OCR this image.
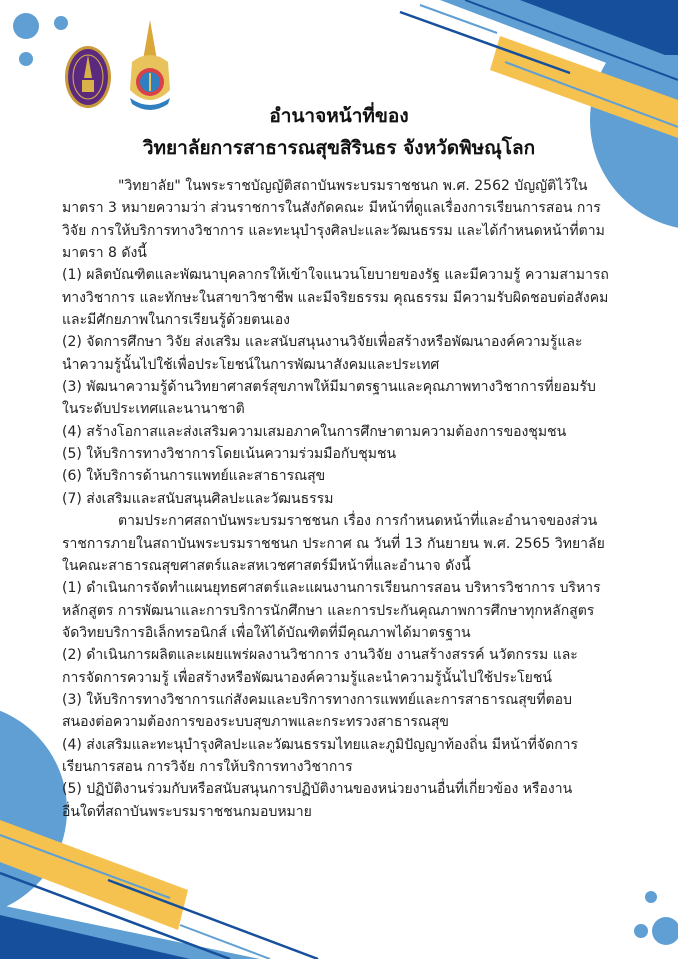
อำนาจหน้าที่ของ
วิทยาลัยการสาธารณสุขสิรินธร จังหวัดพิษณุโลก
"วิทยาลัย" ในพระราชบัญญัติสถาบันพระบรมราชชนก พ.ศ. 2562 บัญญัติไว้ใน
มาตรา 3 หมายความว่า ส่วนราชการในสังกัดคณะ มีหน้าที่ดูแลเรื่องการเรียนการสอน การ
วิจัย การให้บริการทางวิชาการ และทะนุบำรุงศิลปะและวัฒนธรรม และได้กำหนดหน้าที่ตาม
มาตรา 8 ดังนี้
(1) ผลิตบัณฑิตและพัฒนาบุคลากรให้เข้าใจแนวนโยบายของรัฐ และมีความรู้ ความสามารถ
ทางวิชาการ และทักษะในสาขาวิชาชีพ และมีจริยธรรม คุณธรรม มีความรับผิดชอบต่อสังคม
และมีศักยภาพในการเรียนรู้ด้วยตนเอง
(2) จัดการศึกษา วิจัย ส่งเสริม และสนับสนุนงานวิจัยเพื่อสร้างหรือพัฒนาองค์ความรู้และ
นำความรู้นั้นไปใช้เพื่อประโยชน์ในการพัฒนาสังคมและประเทศ
(3) พัฒนาความรู้ด้านวิทยาศาสตร์สุขภาพให้มีมาตรฐานและคุณภาพทางวิชาการที่ยอมรับ
ในระดับประเทศและนานาชาติ
(4) สร้างโอกาสและส่งเสริมความเสมอภาคในการศึกษาตามความต้องการของชุมชน
(5) ให้บริการทางวิชาการโดยเน้นความร่วมมือกับชุมชน
(6) ให้บริการด้านการแพทย์และสาธารณสุข
(7) ส่งเสริมและสนับสนุนศิลปะและวัฒนธรรม
ตามประกาศสถาบันพระบรมราชชนก เรื่อง การกำหนดหน้าที่และอำนาจของส่วน
ราชการภายในสถาบันพระบรมราชชนก ประกาศ ณ วันที่ 13 กันยายน พ.ศ. 2565 วิทยาลัย
ในคณะสาธารณสุขศาสตร์และสหเวชศาสตร์มีหน้าที่และอำนาจ ดังนี้
(1) ดำเนินการจัดทำแผนยุทธศาสตร์และแผนงานการเรียนการสอน บริหารวิชาการ บริหาร
หลักสูตร การพัฒนาและการบริการนักศึกษา และการประกันคุณภาพการศึกษาทุกหลักสูตร
จัดวิทยบริการอิเล็กทรอนิกส์ เพื่อให้ได้บัณฑิตที่มีคุณภาพได้มาตรฐาน
(2) ดำเนินการผลิตและเผยแพร่ผลงานวิชาการ งานวิจัย งานสร้างสรรค์ นวัตกรรม และ
การจัดการความรู้ เพื่อสร้างหรือพัฒนาองค์ความรู้และนำความรู้นั้นไปใช้ประโยชน์
(3) ให้บริการทางวิชาการแก่สังคมและบริการทางการแพทย์และการสาธารณสุขที่ตอบ
สนองต่อความต้องการของระบบสุขภาพและกระทรวงสาธารณสุข
(4) ส่งเสริมและทะนุบำรุงศิลปะและวัฒนธรรมไทยและภูมิปัญญาท้องถิ่น มีหน้าที่จัดการ
เรียนการสอน การวิจัย การให้บริการทางวิชาการ
(5) ปฏิบัติงานร่วมกับหรือสนับสนุนการปฏิบัติงานของหน่วยงานอื่นที่เกี่ยวข้อง หรืองาน
อื่นใดที่สถาบันพระบรมราชชนกมอบหมาย
